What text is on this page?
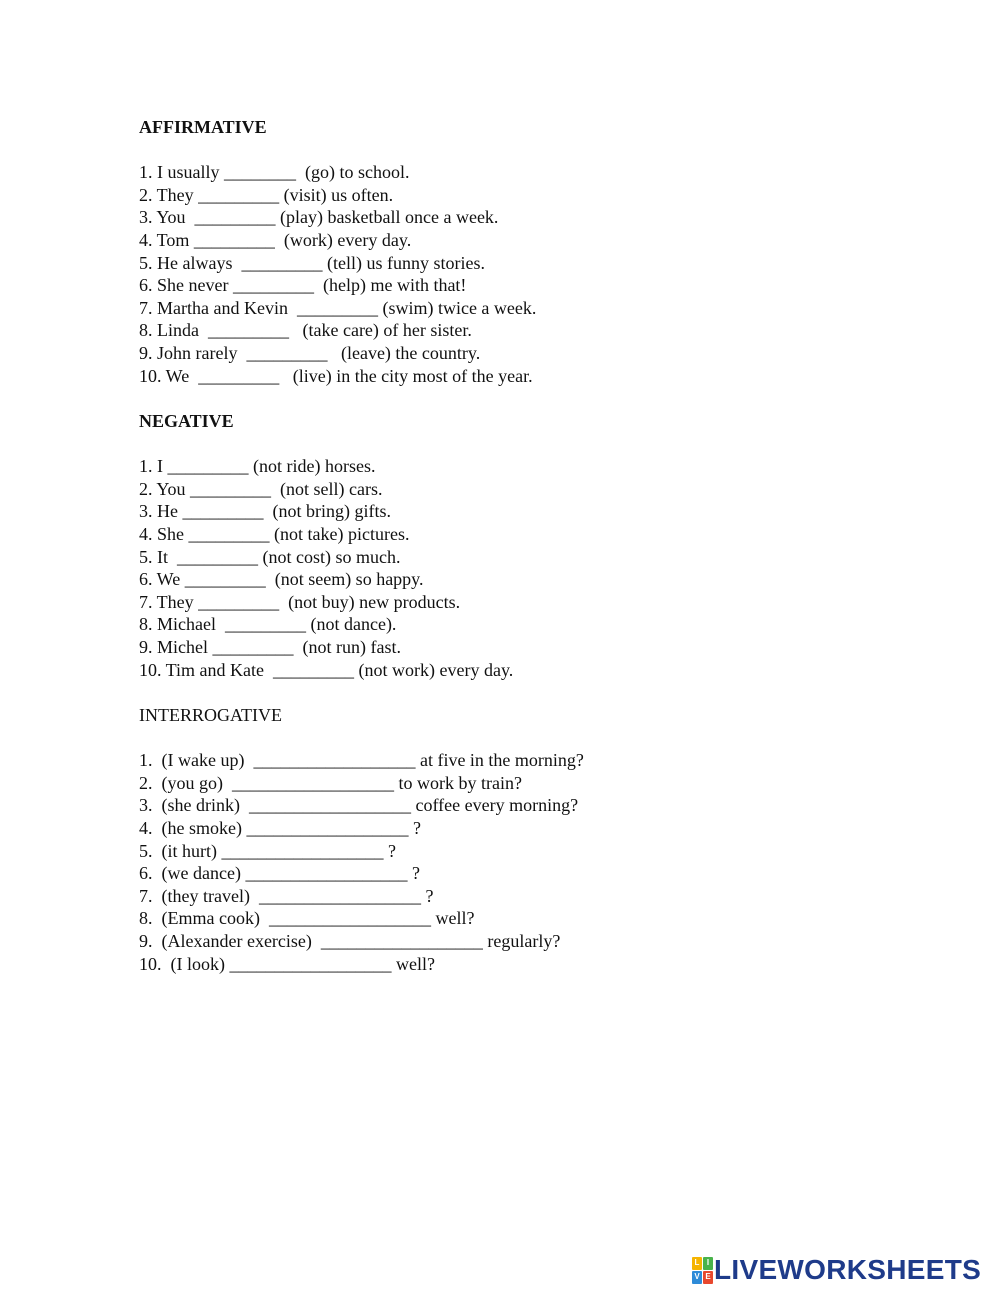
AFFIRMATIVE

1. I usually ________  (go) to school.
2. They _________ (visit) us often.
3. You  _________ (play) basketball once a week.
4. Tom _________  (work) every day.
5. He always  _________ (tell) us funny stories.
6. She never _________  (help) me with that!
7. Martha and Kevin  _________ (swim) twice a week.
8. Linda  _________   (take care) of her sister.
9. John rarely  _________   (leave) the country.
10. We  _________   (live) in the city most of the year.

NEGATIVE

1. I _________ (not ride) horses.
2. You _________  (not sell) cars.
3. He _________  (not bring) gifts.
4. She _________ (not take) pictures.
5. It  _________ (not cost) so much.
6. We _________  (not seem) so happy.
7. They _________  (not buy) new products.
8. Michael  _________ (not dance).
9. Michel _________  (not run) fast.
10. Tim and Kate  _________ (not work) every day.

INTERROGATIVE

1.  (I wake up)  __________________ at five in the morning?
2.  (you go)  __________________ to work by train?
3.  (she drink)  __________________ coffee every morning?
4.  (he smoke) __________________ ?
5.  (it hurt) __________________ ?
6.  (we dance) __________________ ?
7.  (they travel)  __________________ ?
8.  (Emma cook)  __________________ well?
9.  (Alexander exercise)  __________________ regularly?
10.  (I look) __________________ well?
L I
V E LIVEWORKSHEETS
